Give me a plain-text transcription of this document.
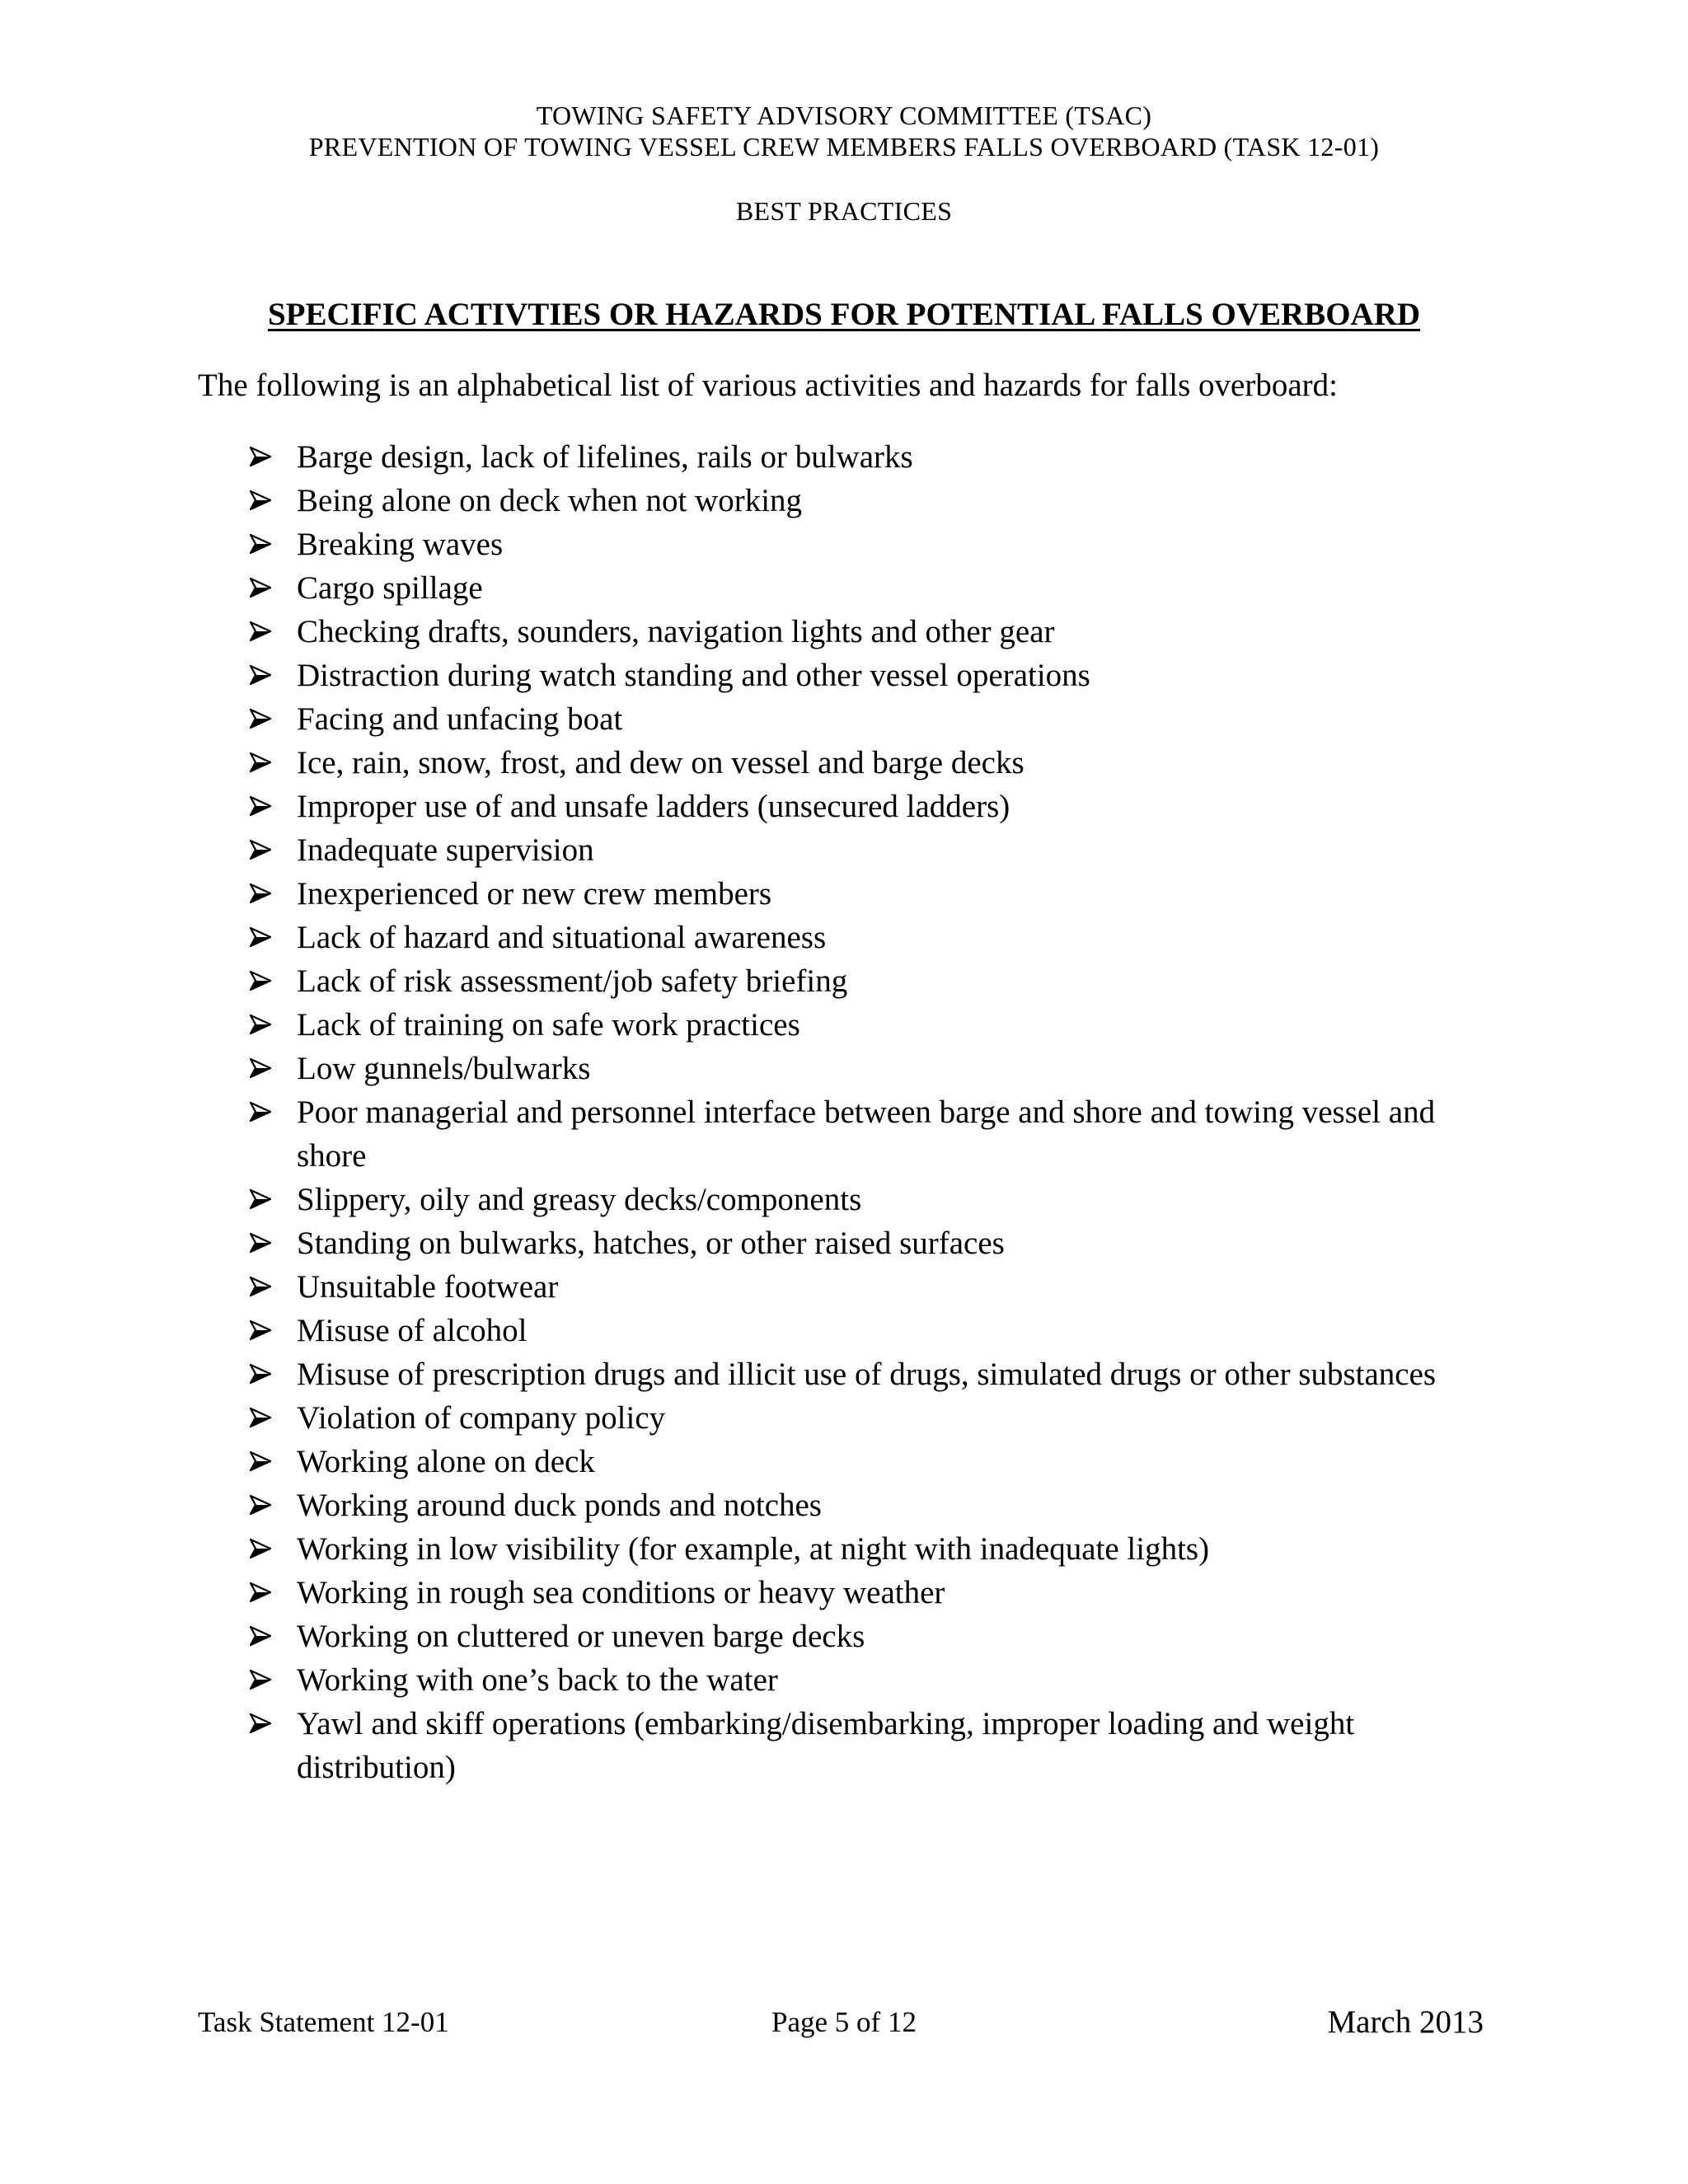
TOWING SAFETY ADVISORY COMMITTEE (TSAC)
PREVENTION OF TOWING VESSEL CREW MEMBERS FALLS OVERBOARD (TASK 12-01)
BEST PRACTICES
SPECIFIC ACTIVTIES OR HAZARDS FOR POTENTIAL FALLS OVERBOARD
The following is an alphabetical list of various activities and hazards for falls overboard:
Barge design, lack of lifelines, rails or bulwarks
Being alone on deck when not working
Breaking waves
Cargo spillage
Checking drafts, sounders, navigation lights and other gear
Distraction during watch standing and other vessel operations
Facing and unfacing boat
Ice, rain, snow, frost, and dew on vessel and barge decks
Improper use of and unsafe ladders (unsecured ladders)
Inadequate supervision
Inexperienced or new crew members
Lack of hazard and situational awareness
Lack of risk assessment/job safety briefing
Lack of training on safe work practices
Low gunnels/bulwarks
Poor managerial and personnel interface between barge and shore and towing vessel and shore
Slippery, oily and greasy decks/components
Standing on bulwarks, hatches, or other raised surfaces
Unsuitable footwear
Misuse of alcohol
Misuse of prescription drugs and illicit use of drugs, simulated drugs or other substances
Violation of company policy
Working alone on deck
Working around duck ponds and notches
Working in low visibility (for example, at night with inadequate lights)
Working in rough sea conditions or heavy weather
Working on cluttered or uneven barge decks
Working with one’s back to the water
Yawl and skiff operations (embarking/disembarking, improper loading and weight distribution)
Task Statement 12-01	Page 5 of 12	March 2013
